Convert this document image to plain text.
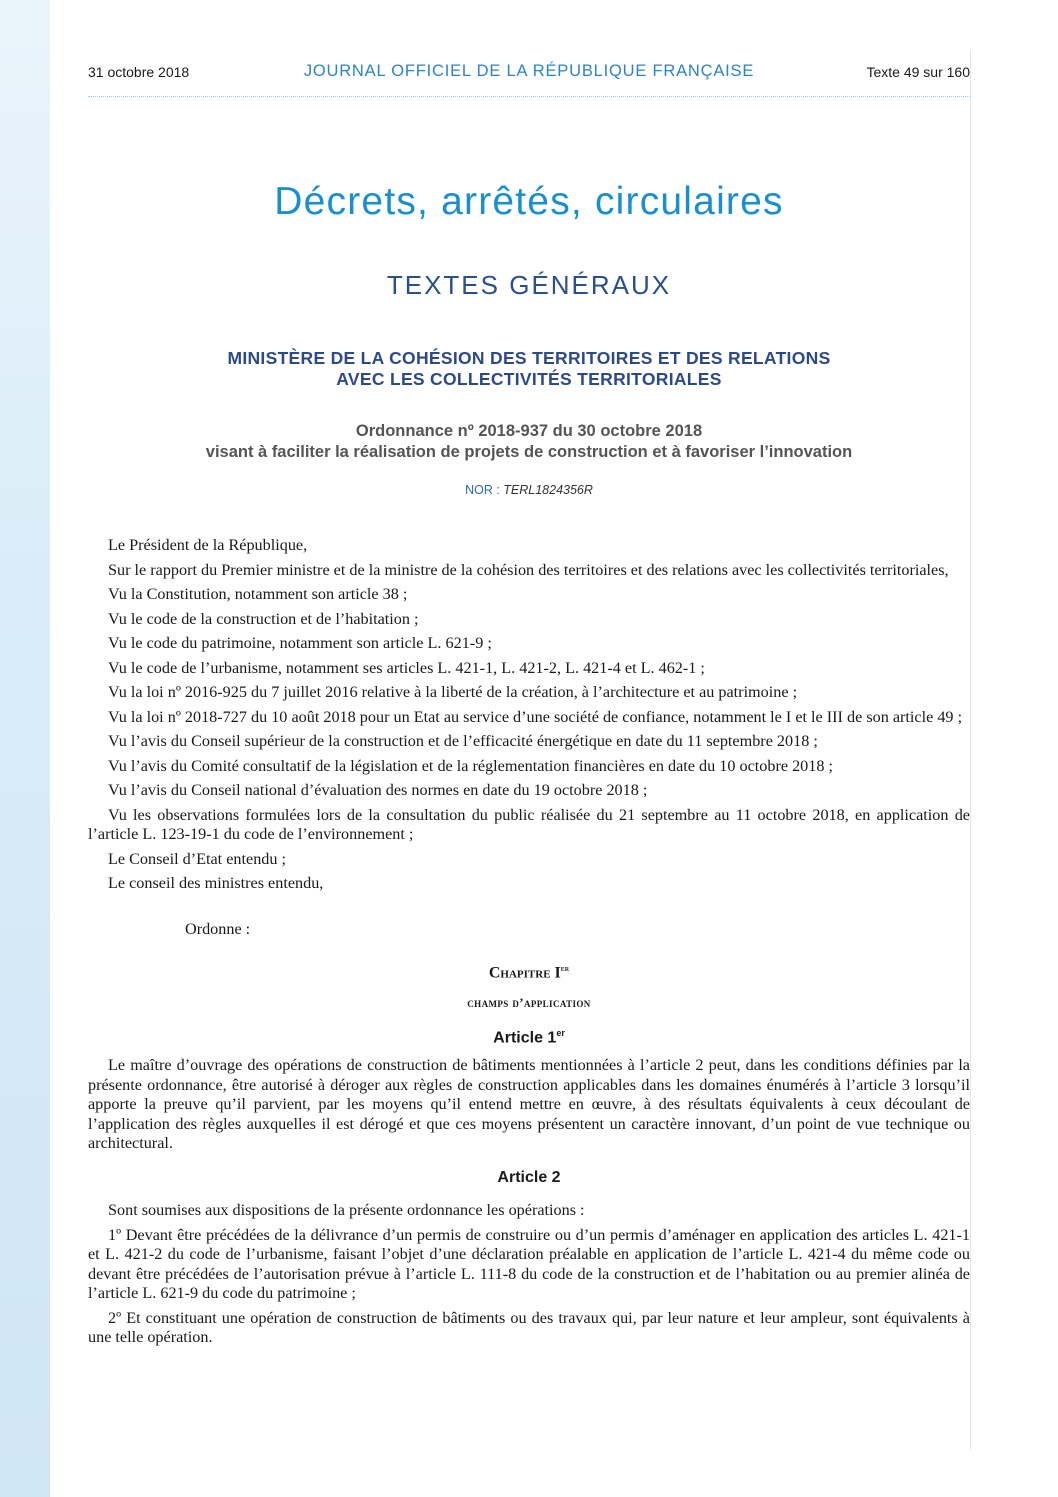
31 octobre 2018	JOURNAL OFFICIEL DE LA RÉPUBLIQUE FRANÇAISE	Texte 49 sur 160
Décrets, arrêtés, circulaires
TEXTES GÉNÉRAUX
MINISTÈRE DE LA COHÉSION DES TERRITOIRES ET DES RELATIONS
AVEC LES COLLECTIVITÉS TERRITORIALES
Ordonnance nº 2018-937 du 30 octobre 2018
visant à faciliter la réalisation de projets de construction et à favoriser l’innovation
NOR : TERL1824356R

Le Président de la République,

Sur le rapport du Premier ministre et de la ministre de la cohésion des territoires et des relations avec les collectivités territoriales,

Vu la Constitution, notamment son article 38 ;

Vu le code de la construction et de l’habitation ;

Vu le code du patrimoine, notamment son article L. 621-9 ;

Vu le code de l’urbanisme, notamment ses articles L. 421-1, L. 421-2, L. 421-4 et L. 462-1 ;

Vu la loi nº 2016-925 du 7 juillet 2016 relative à la liberté de la création, à l’architecture et au patrimoine ;

Vu la loi nº 2018-727 du 10 août 2018 pour un Etat au service d’une société de confiance, notamment le I et le III de son article 49 ;

Vu l’avis du Conseil supérieur de la construction et de l’efficacité énergétique en date du 11 septembre 2018 ;

Vu l’avis du Comité consultatif de la législation et de la réglementation financières en date du 10 octobre 2018 ;

Vu l’avis du Conseil national d’évaluation des normes en date du 19 octobre 2018 ;

Vu les observations formulées lors de la consultation du public réalisée du 21 septembre au 11 octobre 2018, en application de l’article L. 123-19-1 du code de l’environnement ;

Le Conseil d’Etat entendu ;

Le conseil des ministres entendu,

Ordonne :

Chapitre Ier
champs d’application
Article 1er

Le maître d’ouvrage des opérations de construction de bâtiments mentionnées à l’article 2 peut, dans les conditions définies par la présente ordonnance, être autorisé à déroger aux règles de construction applicables dans les domaines énumérés à l’article 3 lorsqu’il apporte la preuve qu’il parvient, par les moyens qu’il entend mettre en œuvre, à des résultats équivalents à ceux découlant de l’application des règles auxquelles il est dérogé et que ces moyens présentent un caractère innovant, d’un point de vue technique ou architectural.

Article 2

Sont soumises aux dispositions de la présente ordonnance les opérations :

1º Devant être précédées de la délivrance d’un permis de construire ou d’un permis d’aménager en application des articles L. 421-1 et L. 421-2 du code de l’urbanisme, faisant l’objet d’une déclaration préalable en application de l’article L. 421-4 du même code ou devant être précédées de l’autorisation prévue à l’article L. 111-8 du code de la construction et de l’habitation ou au premier alinéa de l’article L. 621-9 du code du patrimoine ;

2º Et constituant une opération de construction de bâtiments ou des travaux qui, par leur nature et leur ampleur, sont équivalents à une telle opération.
